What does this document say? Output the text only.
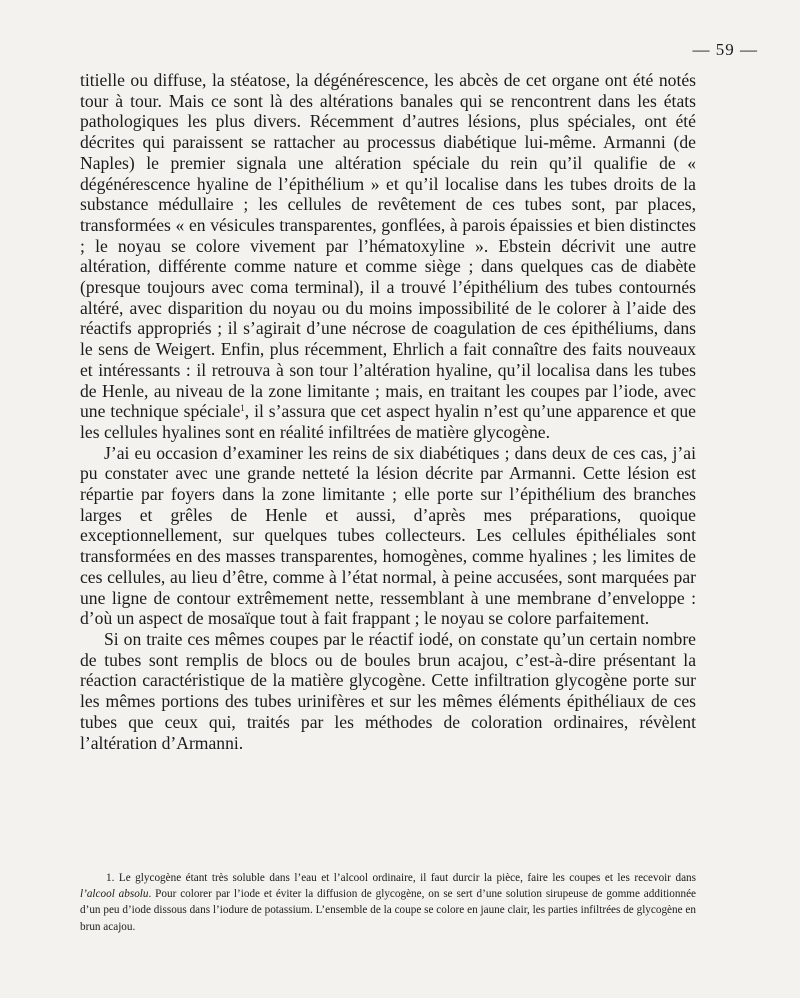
— 59 —

titielle ou diffuse, la stéatose, la dégénérescence, les abcès de cet organe ont été notés tour à tour. Mais ce sont là des altérations banales qui se rencontrent dans les états pathologiques les plus divers. Récemment d’autres lésions, plus spéciales, ont été décrites qui paraissent se rattacher au processus diabétique lui-même. Armanni (de Naples) le premier signala une altération spéciale du rein qu’il qualifie de « dégénérescence hyaline de l’épithélium » et qu’il localise dans les tubes droits de la substance médullaire ; les cellules de revêtement de ces tubes sont, par places, transformées « en vésicules transparentes, gonflées, à parois épaissies et bien distinctes ; le noyau se colore vivement par l’hématoxyline ». Ebstein décrivit une autre altération, différente comme nature et comme siège ; dans quelques cas de diabète (presque toujours avec coma terminal), il a trouvé l’épithélium des tubes contournés altéré, avec disparition du noyau ou du moins impossibilité de le colorer à l’aide des réactifs appropriés ; il s’agirait d’une nécrose de coagulation de ces épithéliums, dans le sens de Weigert. Enfin, plus récemment, Ehrlich a fait connaître des faits nouveaux et intéressants : il retrouva à son tour l’altération hyaline, qu’il localisa dans les tubes de Henle, au niveau de la zone limitante ; mais, en traitant les coupes par l’iode, avec une technique spéciale$^1$, il s’assura que cet aspect hyalin n’est qu’une apparence et que les cellules hyalines sont en réalité infiltrées de matière glycogène.

J’ai eu occasion d’examiner les reins de six diabétiques ; dans deux de ces cas, j’ai pu constater avec une grande netteté la lésion décrite par Armanni. Cette lésion est répartie par foyers dans la zone limitante ; elle porte sur l’épithélium des branches larges et grêles de Henle et aussi, d’après mes préparations, quoique exceptionnellement, sur quelques tubes collecteurs. Les cellules épithéliales sont transformées en des masses transparentes, homogènes, comme hyalines ; les limites de ces cellules, au lieu d’être, comme à l’état normal, à peine accusées, sont marquées par une ligne de contour extrêmement nette, ressemblant à une membrane d’enveloppe : d’où un aspect de mosaïque tout à fait frappant ; le noyau se colore parfaitement.

Si on traite ces mêmes coupes par le réactif iodé, on constate qu’un certain nombre de tubes sont remplis de blocs ou de boules brun acajou, c’est-à-dire présentant la réaction caractéristique de la matière glycogène. Cette infiltration glycogène porte sur les mêmes portions des tubes urinifères et sur les mêmes éléments épithéliaux de ces tubes que ceux qui, traités par les méthodes de coloration ordinaires, révèlent l’altération d’Armanni.

1. Le glycogène étant très soluble dans l’eau et l’alcool ordinaire, il faut durcir la pièce, faire les coupes et les recevoir dans l’alcool absolu. Pour colorer par l’iode et éviter la diffusion de glycogène, on se sert d’une solution sirupeuse de gomme additionnée d’un peu d’iode dissous dans l’iodure de potassium. L’ensemble de la coupe se colore en jaune clair, les parties infiltrées de glycogène en brun acajou.
